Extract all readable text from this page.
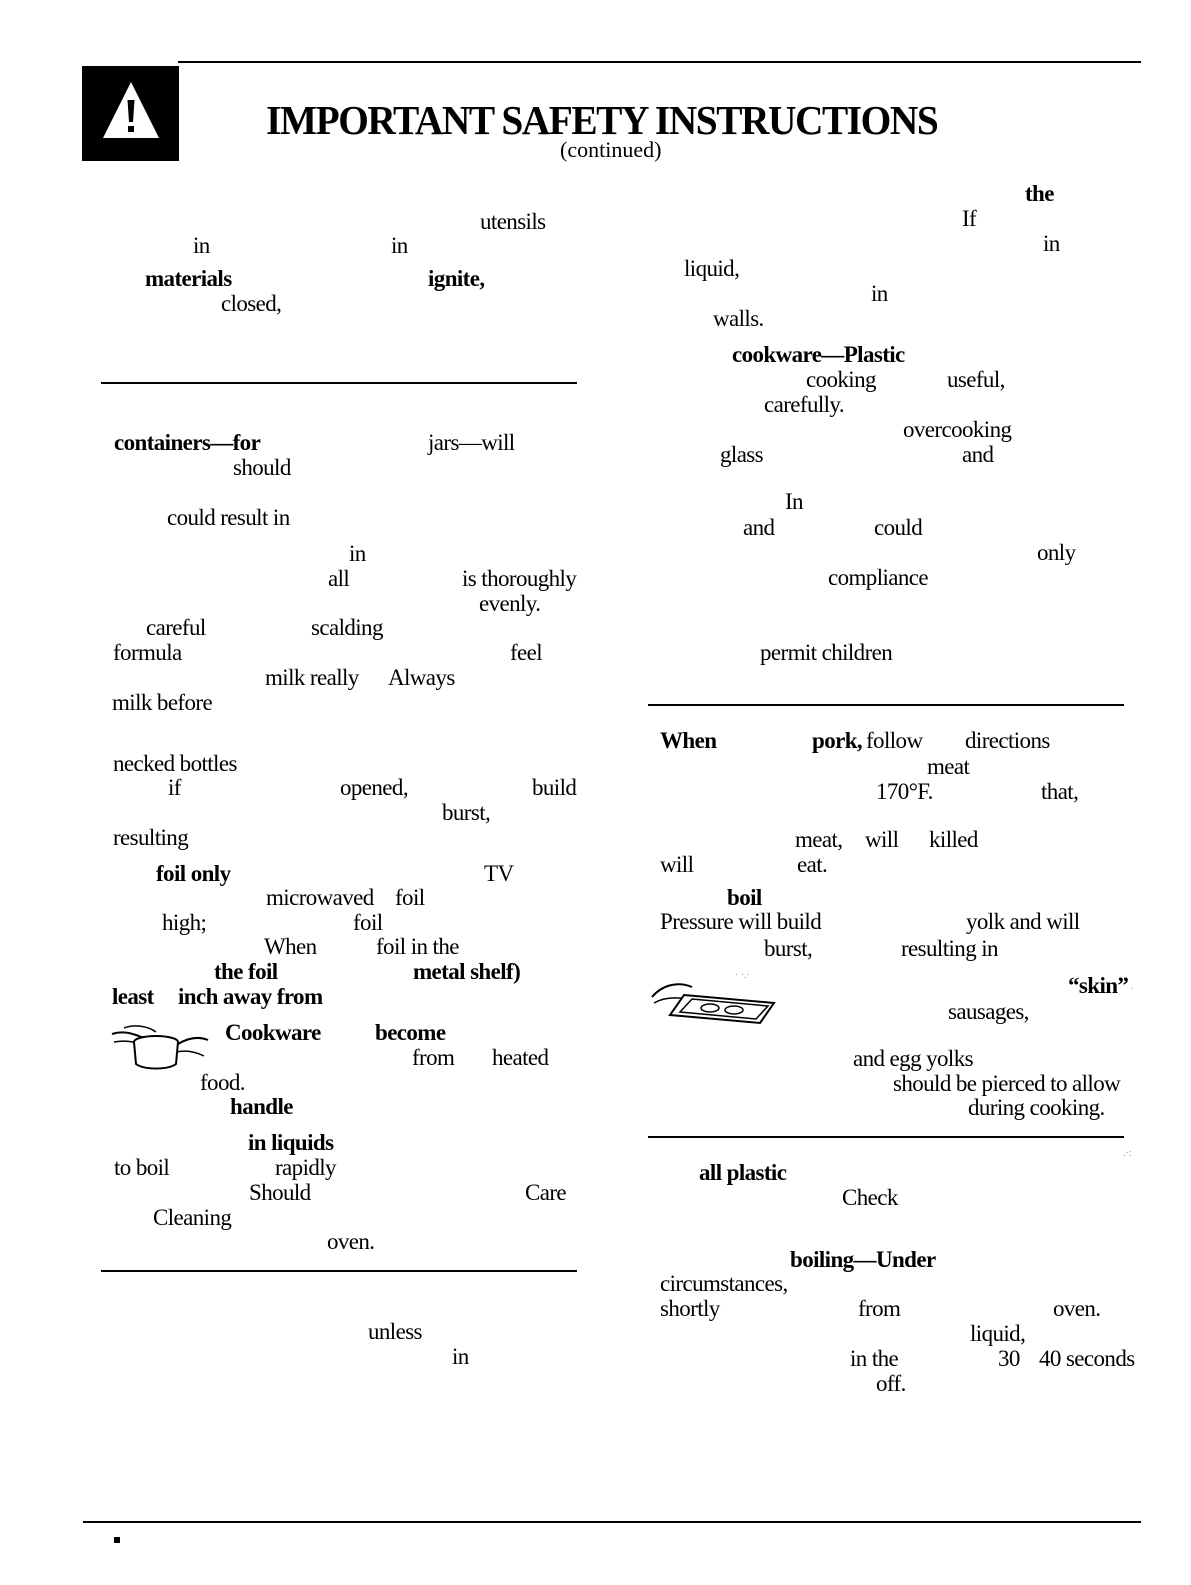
IMPORTANT SAFETY INSTRUCTIONS
(continued)
· ·.·
.·:
·
utensils
in	in
materials	ignite,
closed,
containers—for	jars—will
should
could result in
in
all	is thoroughly
evenly.
careful	scalding
formula	feel
milk really Always
milk before
necked bottles
if	opened,	build
burst,
resulting
foil only	TV
microwaved foil
high;	foil
When	foil in the
the foil	metal shelf)
least inch away from
Cookware become
from heated
food.
handle
in liquids
to boil	rapidly
Should	Care
Cleaning
oven.
unless
in
the
If
in
liquid,
in
walls.
cookware—Plastic
cooking	useful,
carefully.
overcooking
glass	and
In
and	could
only
compliance
permit children
When	pork, follow directions
meat
170°F.	that,
meat, will killed
will	eat.
boil
Pressure will build	yolk and will
burst,	resulting in
“skin”
sausages,
and egg yolks
should be pierced to allow
during cooking.
all plastic
Check
boiling—Under
circumstances,
shortly	from	oven.
liquid,
in the	30 40 seconds
off.
